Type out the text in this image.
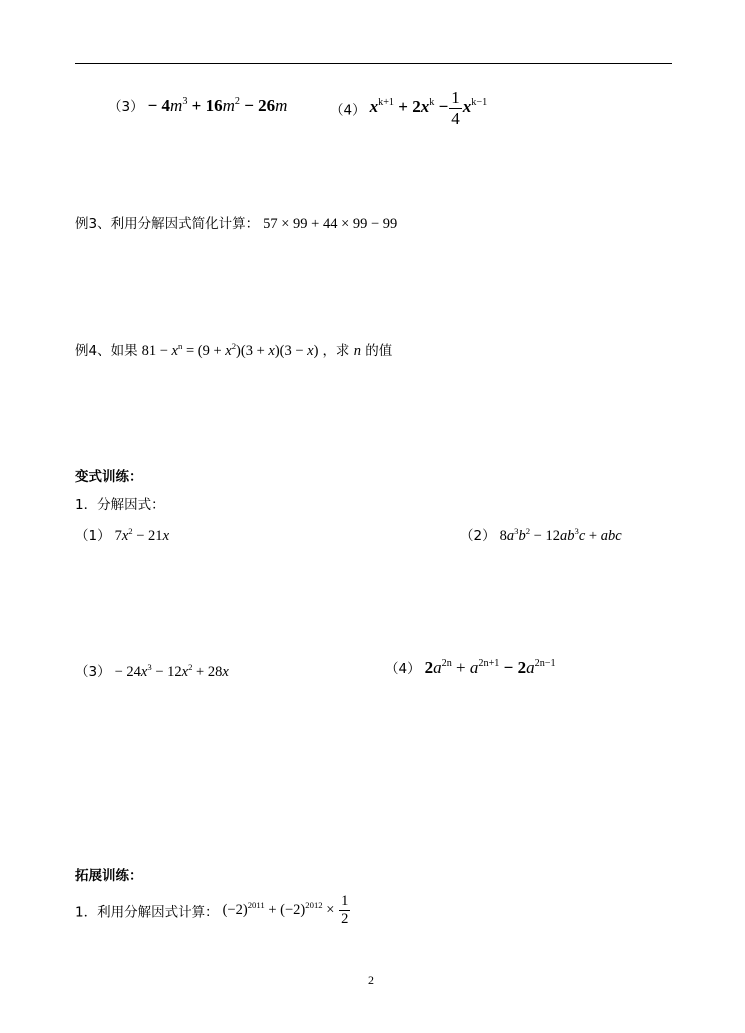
$(3) - 4m^3 + 16m^2 - 26m$	（4） $x^{k+1} + 2x^k - \frac{1}{4} x^{k-1}$
例3、利用分解因式简化计算： 57 × 99 + 44 × 99 − 99
例4、如果 $81 - x^n = (9 + x^2)(3 + x)(3 - x)$ ，求 n 的值
变式训练：
1．分解因式：
（1） $7x^2 - 21x$	（2） $8a^3b^2 - 12ab^3c$ + abc
$(3) - 24x^3 - 12x^2 + 28x$	（4） $2a^{2n} + a^{2n+1} - 2a^{2n-1}$
拓展训练：
1．利用分解因式计算： $(-2)^{2011} + (-2)^{2012} \times \frac{1}{2}$
2
